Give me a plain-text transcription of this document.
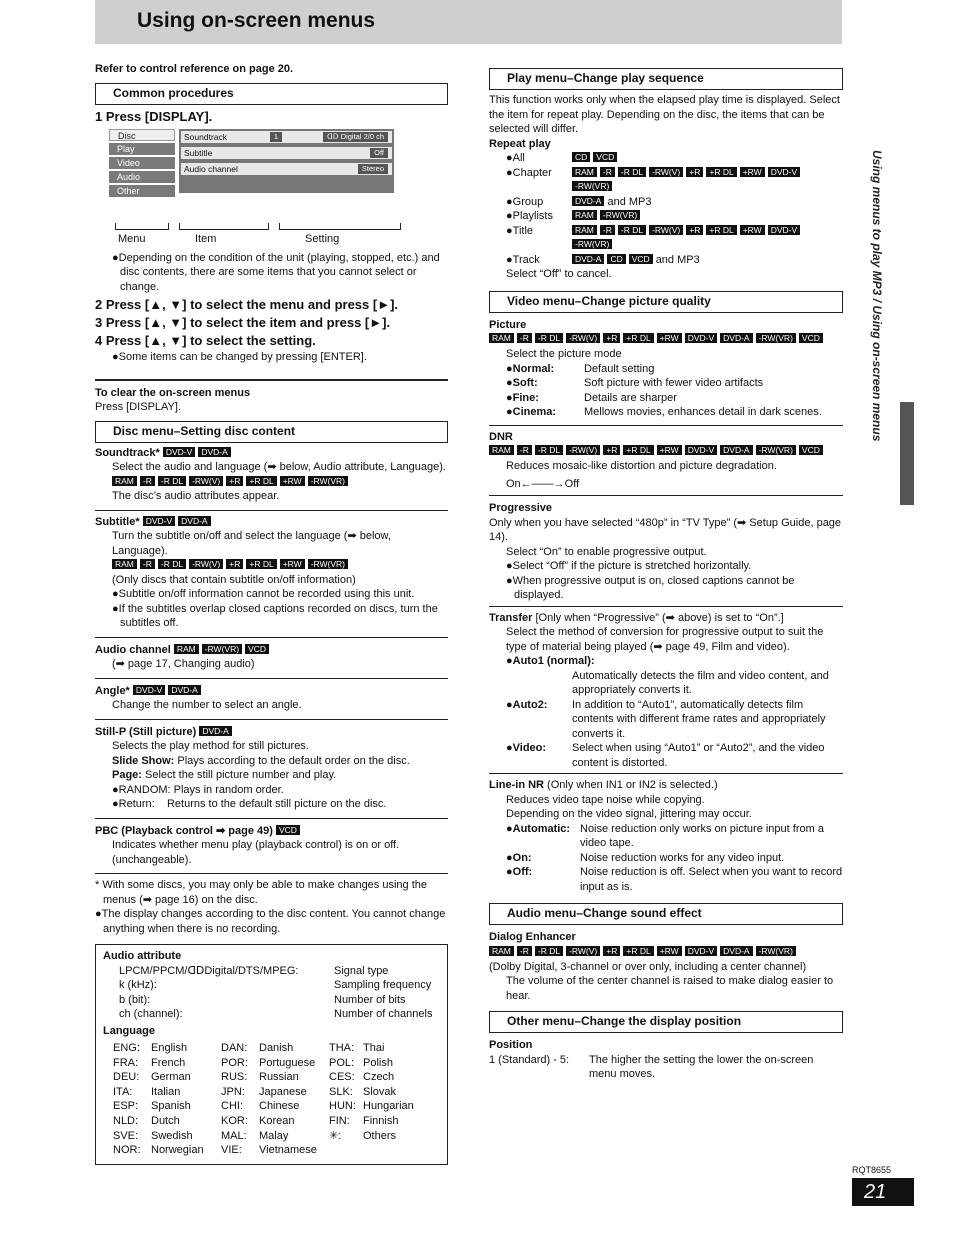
Using on-screen menus
Refer to control reference on page 20.
Common procedures
1 Press [DISPLAY].
Disc
Play
Video
Audio
Other
Soundtrack	1	ᗡᗞ Digital 2/0 ch
Subtitle	Off
Audio channel	Stereo
Menu	Item	Setting
●Depending on the condition of the unit (playing, stopped, etc.) and disc contents, there are some items that you cannot select or change.
2 Press [▲, ▼] to select the menu and press [►].
3 Press [▲, ▼] to select the item and press [►].
4 Press [▲, ▼] to select the setting.
●Some items can be changed by pressing [ENTER].
To clear the on-screen menus
Press [DISPLAY].
Disc menu–Setting disc content
Soundtrack* DVD-V DVD-A
Select the audio and language (➡ below, Audio attribute, Language).
RAM -R -R DL -RW(V) +R +R DL +RW -RW(VR)
The disc’s audio attributes appear.
Subtitle* DVD-V DVD-A
Turn the subtitle on/off and select the language (➡ below, Language).
RAM -R -R DL -RW(V) +R +R DL +RW -RW(VR)
(Only discs that contain subtitle on/off information)
●Subtitle on/off information cannot be recorded using this unit.
●If the subtitles overlap closed captions recorded on discs, turn the subtitles off.
Audio channel RAM -RW(VR) VCD
(➡ page 17, Changing audio)
Angle* DVD-V DVD-A
Change the number to select an angle.
Still-P (Still picture) DVD-A
Selects the play method for still pictures.
Slide Show: Plays according to the default order on the disc.
Page: Select the still picture number and play.
●RANDOM: Plays in random order.
●Return: Returns to the default still picture on the disc.
PBC (Playback control ➡ page 49) VCD
Indicates whether menu play (playback control) is on or off. (unchangeable).
* With some discs, you may only be able to make changes using the menus (➡ page 16) on the disc.
●The display changes according to the disc content. You cannot change anything when there is no recording.
Audio attribute
LPCM/PPCM/ᗡᗞDigital/DTS/MPEG:	Signal type
k (kHz):	Sampling frequency
b (bit):	Number of bits
ch (channel):	Number of channels
Language
ENG:	English	DAN:	Danish	THA: Thai
FRA:	French	POR:	Portuguese	POL: Polish
DEU:	German	RUS:	Russian	CES: Czech
ITA:	Italian	JPN:	Japanese	SLK: Slovak
ESP:	Spanish	CHI:	Chinese	HUN: Hungarian
NLD:	Dutch	KOR:	Korean	FIN:	Finnish
SVE:	Swedish	MAL:	Malay	✳:	Others
NOR: Norwegian	VIE:	Vietnamese
Play menu–Change play sequence
This function works only when the elapsed play time is displayed. Select the item for repeat play. Depending on the disc, the items that can be selected will differ.
Repeat play
●All	CD VCD
●Chapter	RAM -R -R DL -RW(V) +R +R DL +RW DVD-V-RW(VR)
●Group	DVD-A and MP3
●Playlists	RAM -RW(VR)
●Title	RAM -R -R DL -RW(V) +R +R DL +RW DVD-V-RW(VR)
●Track	DVD-A CD VCD and MP3
Select “Off” to cancel.
Video menu–Change picture quality
Picture
RAM -R -R DL -RW(V) +R +R DL +RW DVD-V DVD-A -RW(VR) VCD
Select the picture mode
●Normal:	Default setting
●Soft:	Soft picture with fewer video artifacts
●Fine:	Details are sharper
●Cinema:	Mellows movies, enhances detail in dark scenes.
DNR
RAM -R -R DL -RW(V) +R +R DL +RW DVD-V DVD-A -RW(VR) VCD
Reduces mosaic-like distortion and picture degradation.
On←——→Off
Progressive
Only when you have selected “480p” in “TV Type” (➡ Setup Guide, page 14).
Select “On” to enable progressive output.
●Select “Off” if the picture is stretched horizontally.
●When progressive output is on, closed captions cannot be displayed.
Transfer [Only when “Progressive” (➡ above) is set to “On”.]
Select the method of conversion for progressive output to suit the type of material being played (➡ page 49, Film and video).
●Auto1 (normal):
Automatically detects the film and video content, and appropriately converts it.
●Auto2:	In addition to “Auto1”, automatically detects film contents with different frame rates and appropriately converts it.
●Video:	Select when using “Auto1” or “Auto2”, and the video content is distorted.
Line-in NR (Only when IN1 or IN2 is selected.)
Reduces video tape noise while copying.
Depending on the video signal, jittering may occur.
●Automatic: Noise reduction only works on picture input from a video tape.
●On:	Noise reduction works for any video input.
●Off:	Noise reduction is off. Select when you want to record input as is.
Audio menu–Change sound effect
Dialog Enhancer
RAM -R -R DL -RW(V) +R +R DL +RW DVD-V DVD-A -RW(VR)
(Dolby Digital, 3-channel or over only, including a center channel)
The volume of the center channel is raised to make dialog easier to hear.
Other menu–Change the display position
Position
1 (Standard) - 5:	The higher the setting the lower the on-screen menu moves.
Using menus to play MP3 / Using on-screen menus
RQT8655
21
